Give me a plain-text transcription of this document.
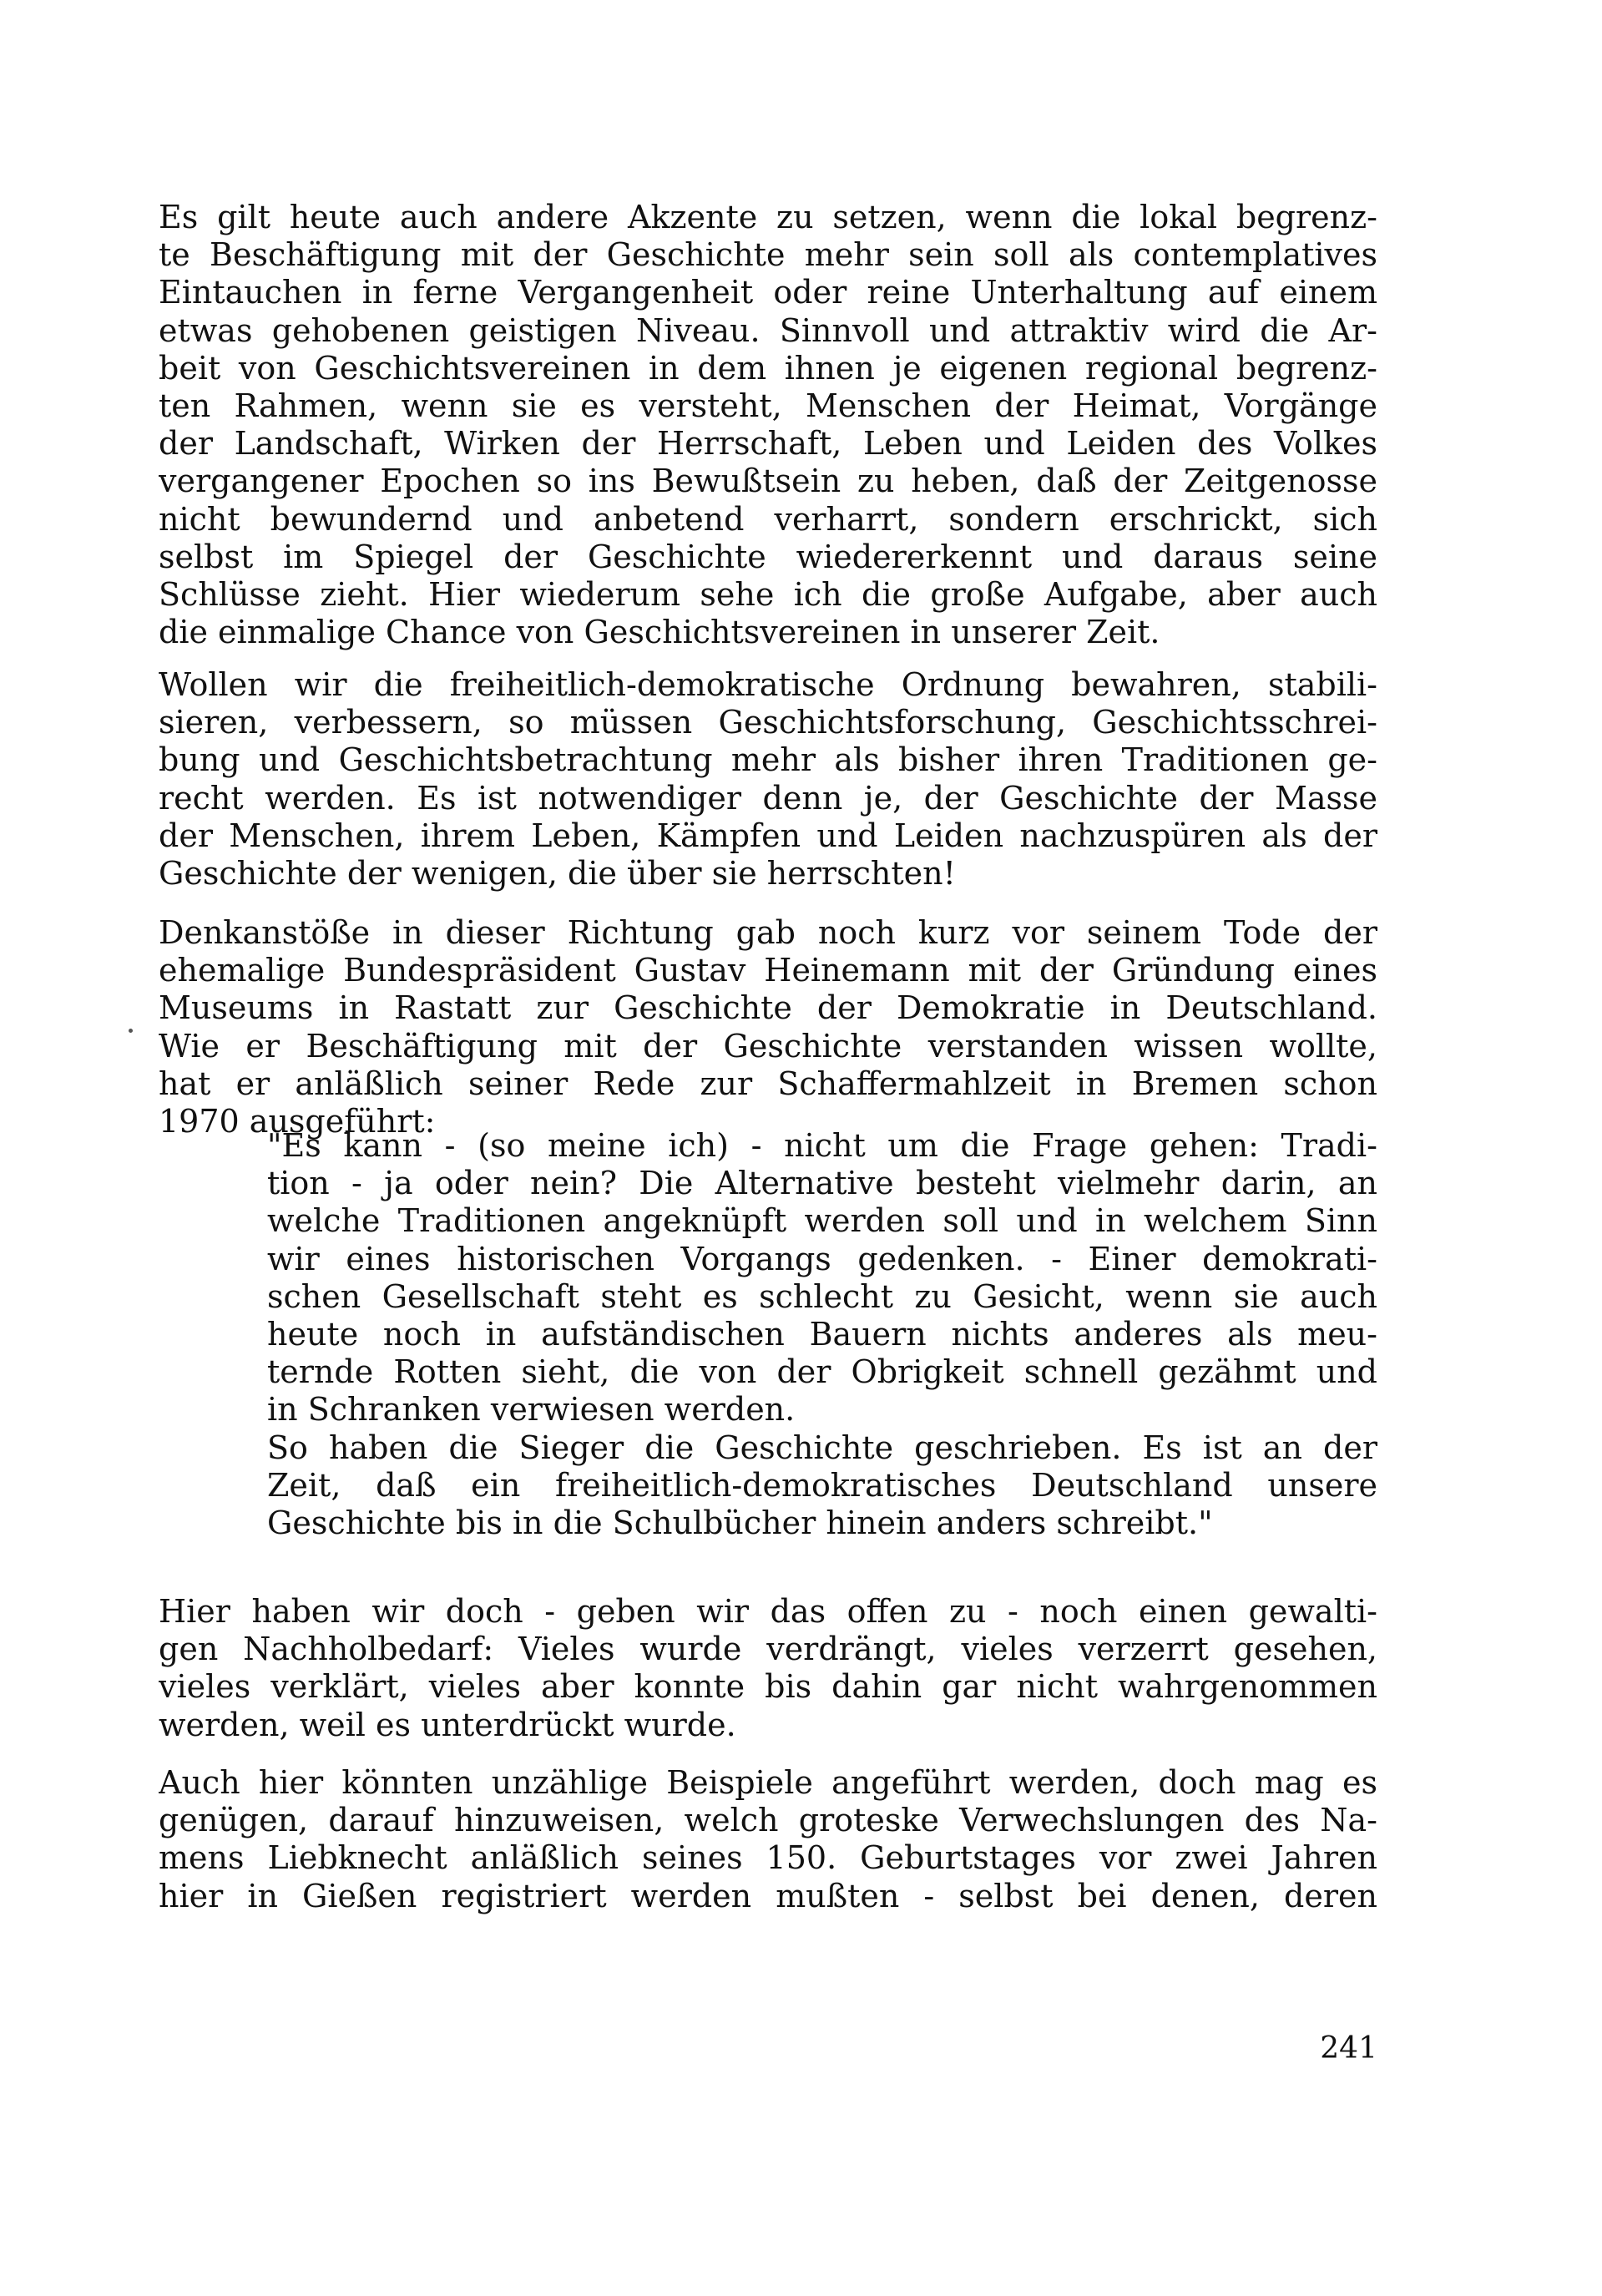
Es gilt heute auch andere Akzente zu setzen, wenn die lokal begrenz-
te Beschäftigung mit der Geschichte mehr sein soll als contemplatives
Eintauchen in ferne Vergangenheit oder reine Unterhaltung auf einem
etwas gehobenen geistigen Niveau. Sinnvoll und attraktiv wird die Ar-
beit von Geschichtsvereinen in dem ihnen je eigenen regional begrenz-
ten Rahmen, wenn sie es versteht, Menschen der Heimat, Vorgänge
der Landschaft, Wirken der Herrschaft, Leben und Leiden des Volkes
vergangener Epochen so ins Bewußtsein zu heben, daß der Zeitgenosse
nicht bewundernd und anbetend verharrt, sondern erschrickt, sich
selbst im Spiegel der Geschichte wiedererkennt und daraus seine
Schlüsse zieht. Hier wiederum sehe ich die große Aufgabe, aber auch
die einmalige Chance von Geschichtsvereinen in unserer Zeit.
Wollen wir die freiheitlich-demokratische Ordnung bewahren, stabili-
sieren, verbessern, so müssen Geschichtsforschung, Geschichtsschrei-
bung und Geschichtsbetrachtung mehr als bisher ihren Traditionen ge-
recht werden. Es ist notwendiger denn je, der Geschichte der Masse
der Menschen, ihrem Leben, Kämpfen und Leiden nachzuspüren als der
Geschichte der wenigen, die über sie herrschten!
Denkanstöße in dieser Richtung gab noch kurz vor seinem Tode der
ehemalige Bundespräsident Gustav Heinemann mit der Gründung eines
Museums in Rastatt zur Geschichte der Demokratie in Deutschland.
Wie er Beschäftigung mit der Geschichte verstanden wissen wollte,
hat er anläßlich seiner Rede zur Schaffermahlzeit in Bremen schon
1970 ausgeführt:
"Es kann - (so meine ich) - nicht um die Frage gehen: Tradi-
tion - ja oder nein? Die Alternative besteht vielmehr darin, an
welche Traditionen angeknüpft werden soll und in welchem Sinn
wir eines historischen Vorgangs gedenken. - Einer demokrati-
schen Gesellschaft steht es schlecht zu Gesicht, wenn sie auch
heute noch in aufständischen Bauern nichts anderes als meu-
ternde Rotten sieht, die von der Obrigkeit schnell gezähmt und
in Schranken verwiesen werden.
So haben die Sieger die Geschichte geschrieben. Es ist an der
Zeit, daß ein freiheitlich-demokratisches Deutschland unsere
Geschichte bis in die Schulbücher hinein anders schreibt."
Hier haben wir doch - geben wir das offen zu - noch einen gewalti-
gen Nachholbedarf: Vieles wurde verdrängt, vieles verzerrt gesehen,
vieles verklärt, vieles aber konnte bis dahin gar nicht wahrgenommen
werden, weil es unterdrückt wurde.
Auch hier könnten unzählige Beispiele angeführt werden, doch mag es
genügen, darauf hinzuweisen, welch groteske Verwechslungen des Na-
mens Liebknecht anläßlich seines 150. Geburtstages vor zwei Jahren
hier in Gießen registriert werden mußten - selbst bei denen, deren
241
